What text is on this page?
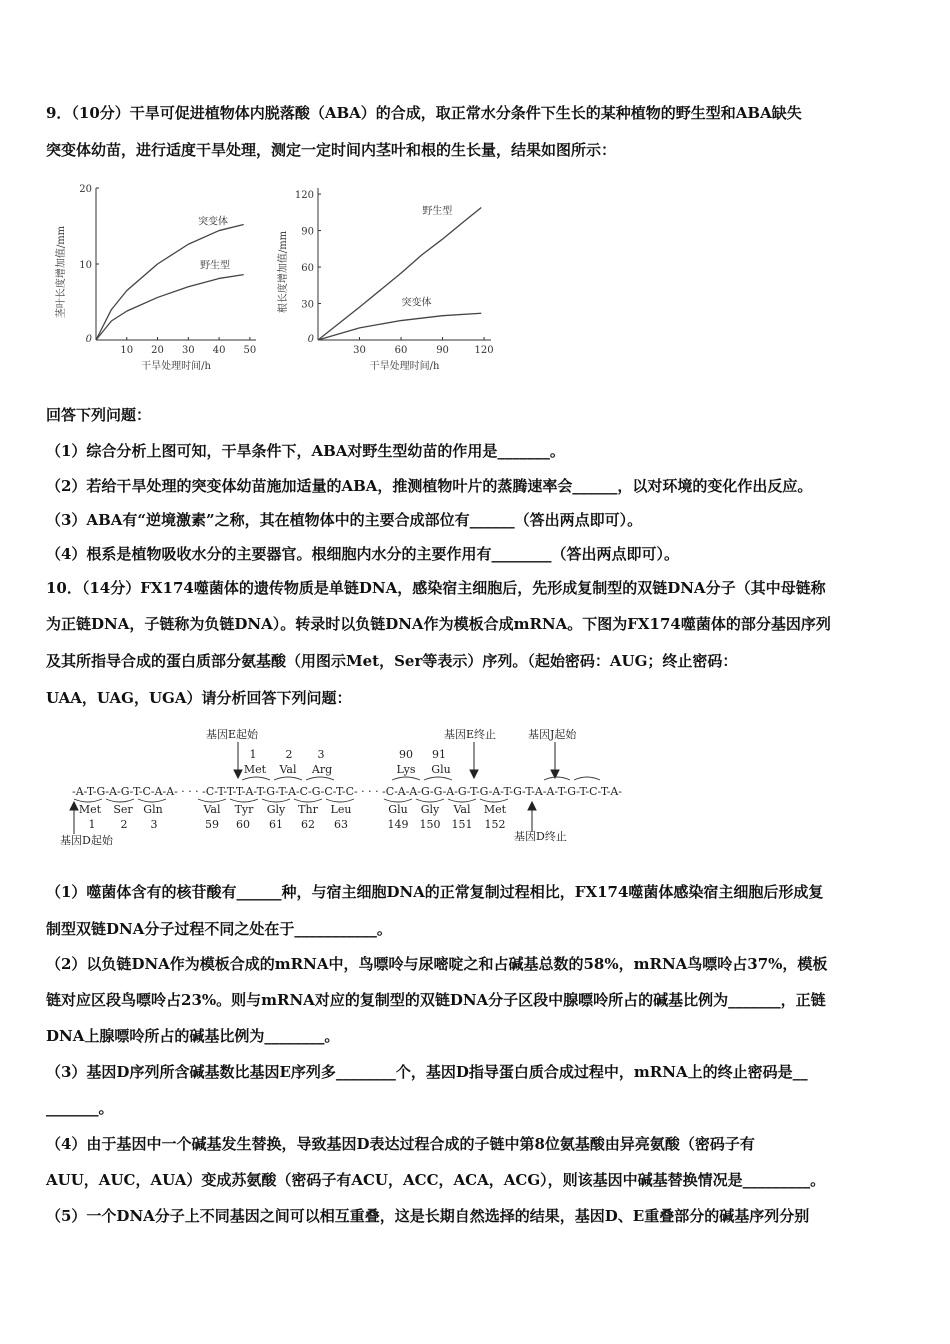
9．（10分）干旱可促进植物体内脱落酸（ABA）的合成，取正常水分条件下生长的某种植物的野生型和ABA缺失
突变体幼苗，进行适度干旱处理，测定一定时间内茎叶和根的生长量，结果如图所示：
10 20 30 40 50
0
10
20
干旱处理时间/h
茎叶长度增加值/mm
突变体
野生型
30	60	90	120
0
30
60
90
120
干旱处理时间/h
根长度增加值/mm
野生型
突变体
回答下列问题：
（1）综合分析上图可知，干旱条件下，ABA对野生型幼苗的作用是_______。
（2）若给干旱处理的突变体幼苗施加适量的ABA，推测植物叶片的蒸腾速率会______，以对环境的变化作出反应。
（3）ABA有“逆境激素”之称，其在植物体中的主要合成部位有______（答出两点即可）。
（4）根系是植物吸收水分的主要器官。根细胞内水分的主要作用有________（答出两点即可）。
10．（14分）FX174噬菌体的遗传物质是单链DNA，感染宿主细胞后，先形成复制型的双链DNA分子（其中母链称
为正链DNA，子链称为负链DNA）。转录时以负链DNA作为模板合成mRNA。下图为FX174噬菌体的部分基因序列
及其所指导合成的蛋白质部分氨基酸（用图示Met，Ser等表示）序列。（起始密码：AUG；终止密码：
UAA，UAG，UGA）请分析回答下列问题：
基因E起始	基因E终止	基因J起始
1	2 3	90 91
Met Val Arg	Lys Glu
-A-T-G-A-G-T-C-A-A- · · · -C-T-T-T-A-T-G-T-A-C-G-C-T-C- · · · -C-A-A-G-G-A-G-T-G-A-T-G-T-A-A-T-G-T-C-T-A-
Met Ser Gln	Val Tyr Gly Thr Leu	Glu Gly Val Met
1 2 3	59 60 61 62 63	149 150 151 152
基因D起始	基因D终止
（1）噬菌体含有的核苷酸有______种，与宿主细胞DNA的正常复制过程相比，FX174噬菌体感染宿主细胞后形成复
制型双链DNA分子过程不同之处在于___________。
（2）以负链DNA作为模板合成的mRNA中，鸟嘌呤与尿嘧啶之和占碱基总数的58%，mRNA鸟嘌呤占37%，模板
链对应区段鸟嘌呤占23%。则与mRNA对应的复制型的双链DNA分子区段中腺嘌呤所占的碱基比例为_______，正链
DNA上腺嘌呤所占的碱基比例为________。
（3）基因D序列所含碱基数比基因E序列多________个，基因D指导蛋白质合成过程中，mRNA上的终止密码是__
_______。
（4）由于基因中一个碱基发生替换，导致基因D表达过程合成的子链中第8位氨基酸由异亮氨酸（密码子有
AUU，AUC，AUA）变成苏氨酸（密码子有ACU，ACC，ACA，ACG），则该基因中碱基替换情况是_________。
（5）一个DNA分子上不同基因之间可以相互重叠，这是长期自然选择的结果，基因D、E重叠部分的碱基序列分别
